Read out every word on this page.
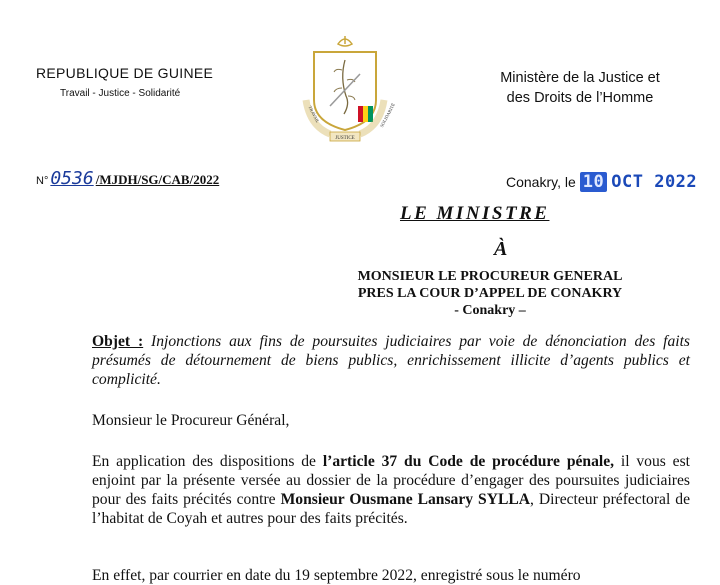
REPUBLIQUE DE GUINEE
Travail - Justice - Solidarité
TRAVAIL
JUSTICE
SOLIDARITÉ
Ministère de la Justice et
des Droits de l’Homme
N° 0536 /MJDH/SG/CAB/2022	Conakry, le 10 OCT 2022
LE MINISTRE
À
MONSIEUR LE PROCUREUR GENERAL
PRES LA COUR D’APPEL DE CONAKRY
- Conakry –
Objet : Injonctions aux fins de poursuites judiciaires par voie de dénonciation des faits présumés de détournement de biens publics, enrichissement illicite d’agents publics et complicité.
Monsieur le Procureur Général,
En application des dispositions de l’article 37 du Code de procédure pénale, il vous est enjoint par la présente versée au dossier de la procédure d’engager des poursuites judiciaires pour des faits précités contre Monsieur Ousmane Lansary SYLLA, Directeur préfectoral de l’habitat de Coyah et autres pour des faits précités.
En effet, par courrier en date du 19 septembre 2022, enregistré sous le numéro
